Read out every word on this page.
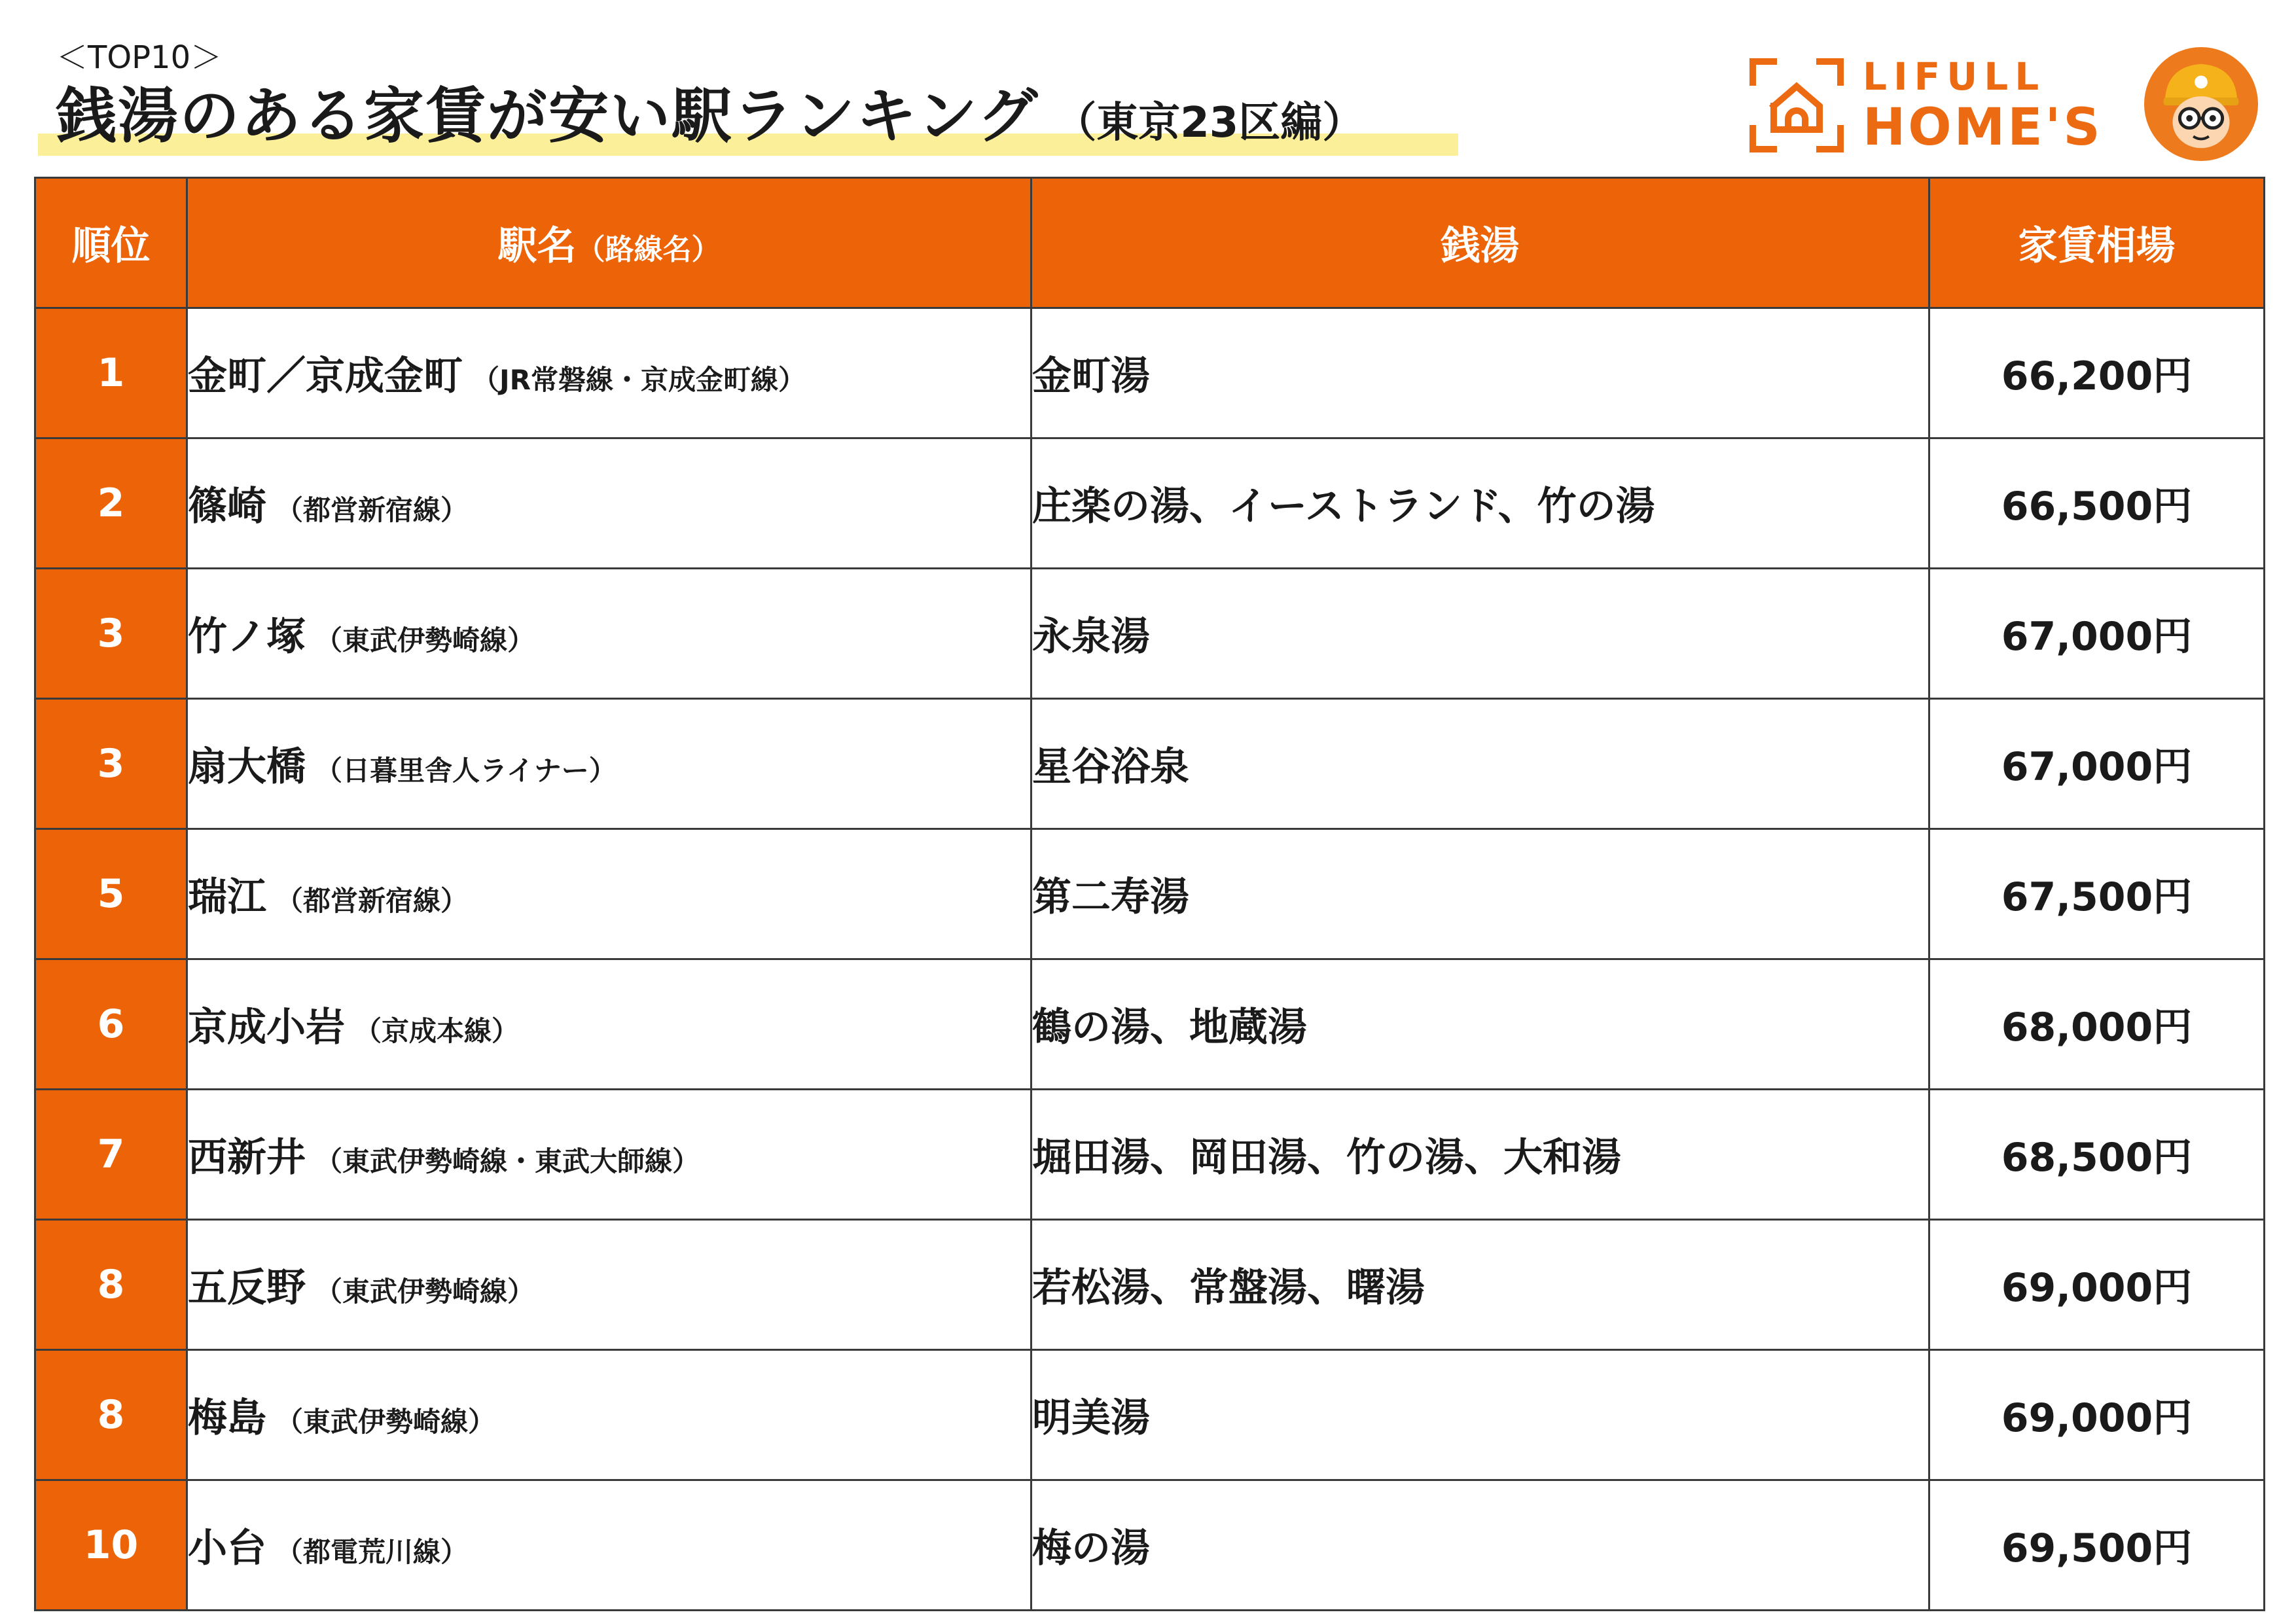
＜TOP10＞
銭湯のある家賃が安い駅ランキング （東京23区編）
LIFULL
HOME'S
順位	駅名（路線名）	銭湯	家賃相場
1	金町／京成金町 （JR常磐線・京成金町線）	金町湯	66,200円
2	篠崎 （都営新宿線）	庄楽の湯、イーストランド、竹の湯	66,500円
3	竹ノ塚 （東武伊勢崎線）	永泉湯	67,000円
3	扇大橋 （日暮里舎人ライナー）	星谷浴泉	67,000円
5	瑞江 （都営新宿線）	第二寿湯	67,500円
6	京成小岩 （京成本線）	鶴の湯、地蔵湯	68,000円
7	西新井 （東武伊勢崎線・東武大師線）	堀田湯、岡田湯、竹の湯、大和湯	68,500円
8	五反野 （東武伊勢崎線）	若松湯、常盤湯、曙湯	69,000円
8	梅島 （東武伊勢崎線）	明美湯	69,000円
10	小台 （都電荒川線）	梅の湯	69,500円
